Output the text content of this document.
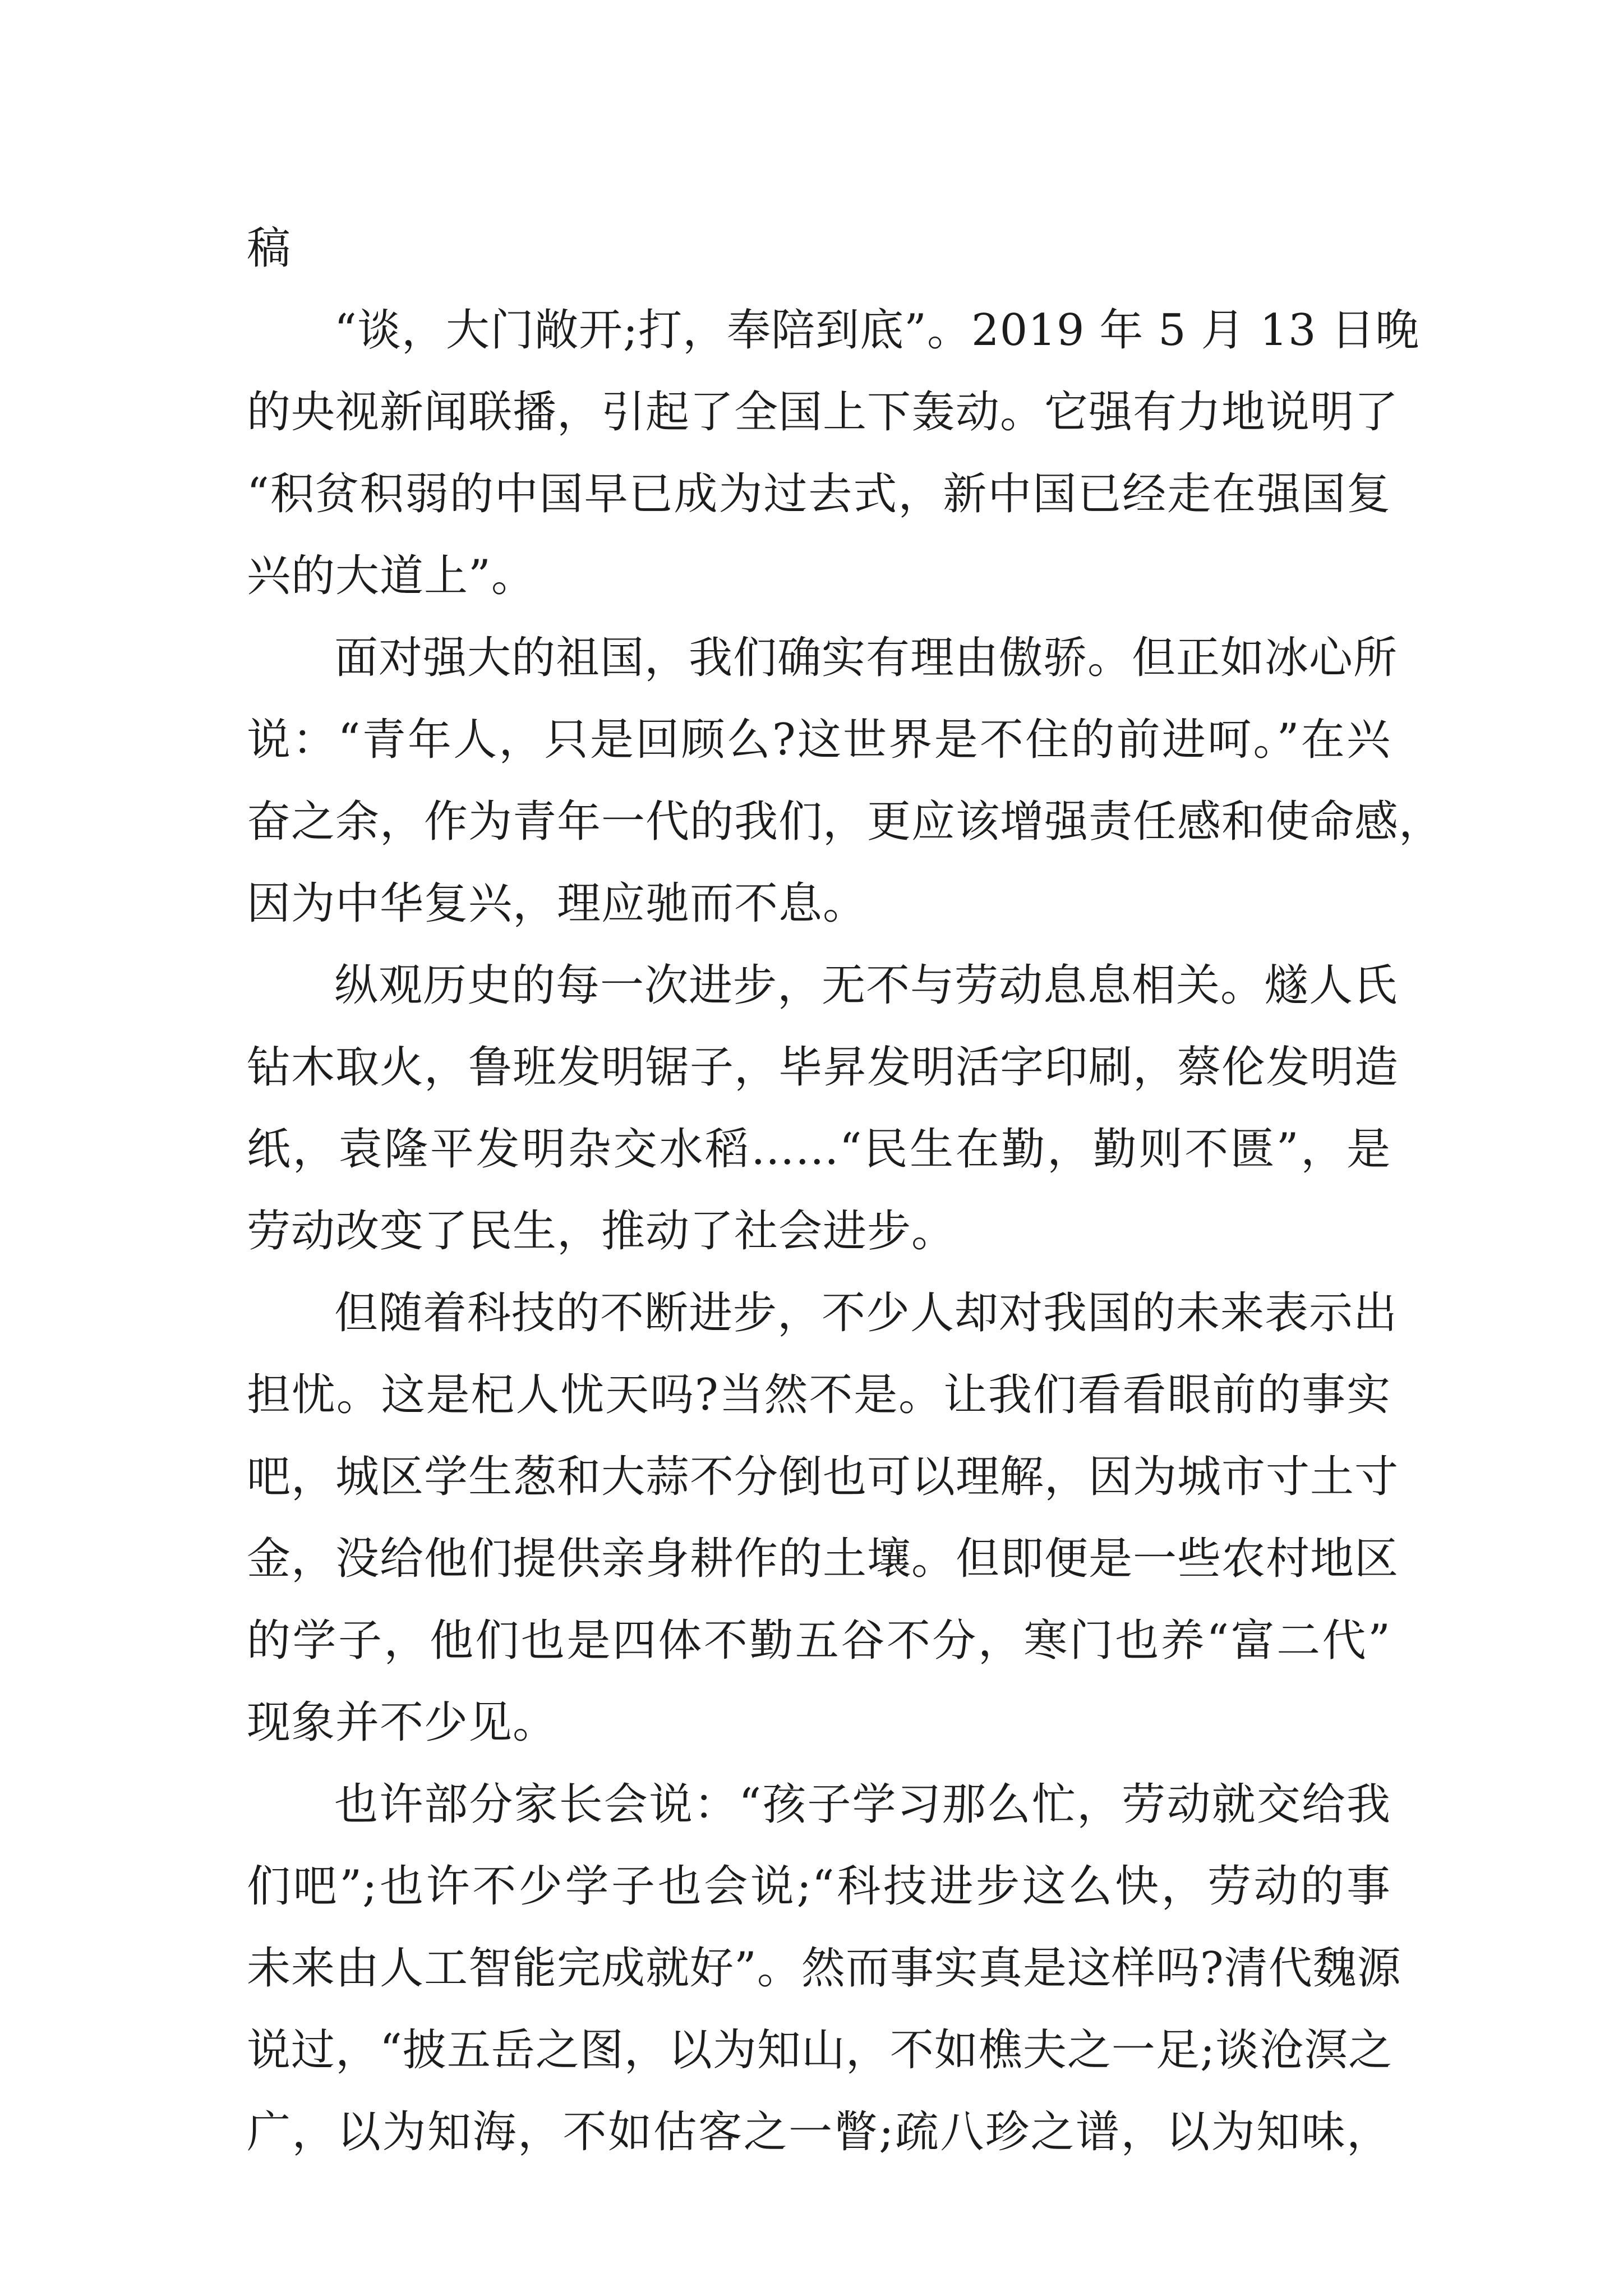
稿
“谈，大门敞开;打，奉陪到底”。2019 年 5 月 13 日晚
的央视新闻联播，引起了全国上下轰动。它强有力地说明了
“积贫积弱的中国早已成为过去式，新中国已经走在强国复
兴的大道上”。
面对强大的祖国，我们确实有理由傲骄。但正如冰心所
说：“青年人，只是回顾么?这世界是不住的前进呵。”在兴
奋之余，作为青年一代的我们，更应该增强责任感和使命感，
因为中华复兴，理应驰而不息。
纵观历史的每一次进步，无不与劳动息息相关。燧人氏
钻木取火，鲁班发明锯子，毕昇发明活字印刷，蔡伦发明造
纸，袁隆平发明杂交水稻……“民生在勤，勤则不匮”，是
劳动改变了民生，推动了社会进步。
但随着科技的不断进步，不少人却对我国的未来表示出
担忧。这是杞人忧天吗?当然不是。让我们看看眼前的事实
吧，城区学生葱和大蒜不分倒也可以理解，因为城市寸土寸
金，没给他们提供亲身耕作的土壤。但即便是一些农村地区
的学子，他们也是四体不勤五谷不分，寒门也养“富二代”
现象并不少见。
也许部分家长会说：“孩子学习那么忙，劳动就交给我
们吧”;也许不少学子也会说;“科技进步这么快，劳动的事
未来由人工智能完成就好”。然而事实真是这样吗?清代魏源
说过，“披五岳之图，以为知山，不如樵夫之一足;谈沧溟之
广，以为知海，不如估客之一瞥;疏八珍之谱，以为知味，
